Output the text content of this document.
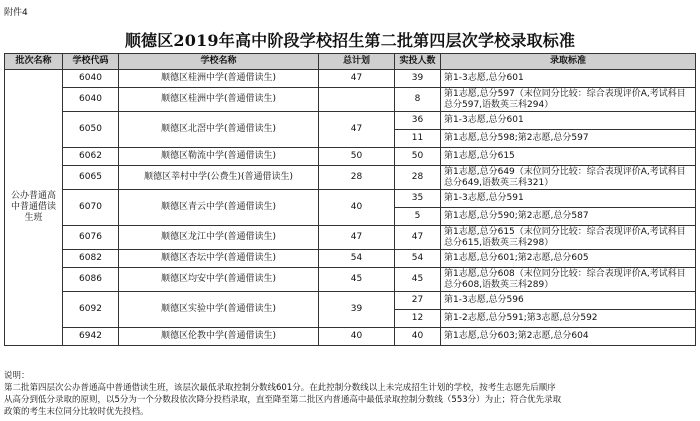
附件4
顺德区2019年高中阶段学校招生第二批第四层次学校录取标准
批次名称	学校代码	学校名称	总计划	实投人数	录取标准
公办普通高中普通借读生班	6040	顺德区桂洲中学(普通借读生)	47	39	第1-3志愿,总分601
	6040	顺德区桂洲中学(普通借读生)		8	第1志愿,总分597（末位同分比较：综合表现评价A,考试科目总分597,语数英三科294）
	6050	顺德区北滘中学(普通借读生)	47	36	第1-3志愿,总分601
				11	第1志愿,总分598;第2志愿,总分597
	6062	顺德区勒流中学(普通借读生)	50	50	第1志愿,总分615
	6065	顺德区莘村中学(公费生)(普通借读生)	28	28	第1志愿,总分649（末位同分比较：综合表现评价A,考试科目总分649,语数英三科321）
	6070	顺德区青云中学(普通借读生)	40	35	第1-3志愿,总分591
				5	第1志愿,总分590;第2志愿,总分587
	6076	顺德区龙江中学(普通借读生)	47	47	第1志愿,总分615（末位同分比较：综合表现评价A,考试科目总分615,语数英三科298）
	6082	顺德区杏坛中学(普通借读生)	54	54	第1志愿,总分601;第2志愿,总分605
	6086	顺德区均安中学(普通借读生)	45	45	第1志愿,总分608（末位同分比较：综合表现评价A,考试科目总分608,语数英三科289）
	6092	顺德区实验中学(普通借读生)	39	27	第1-3志愿,总分596
				12	第1-2志愿,总分591;第3志愿,总分592
	6942	顺德区伦教中学(普通借读生)	40	40	第1志愿,总分603;第2志愿,总分604
说明：
第二批第四层次公办普通高中普通借读生班，该层次最低录取控制分数线601分。在此控制分数线以上未完成招生计划的学校，按考生志愿先后顺序
从高分到低分录取的原则，以5分为一个分数段依次降分投档录取，直至降至第二批区内普通高中最低录取控制分数线（553分）为止；符合优先录取
政策的考生末位同分比较时优先投档。
